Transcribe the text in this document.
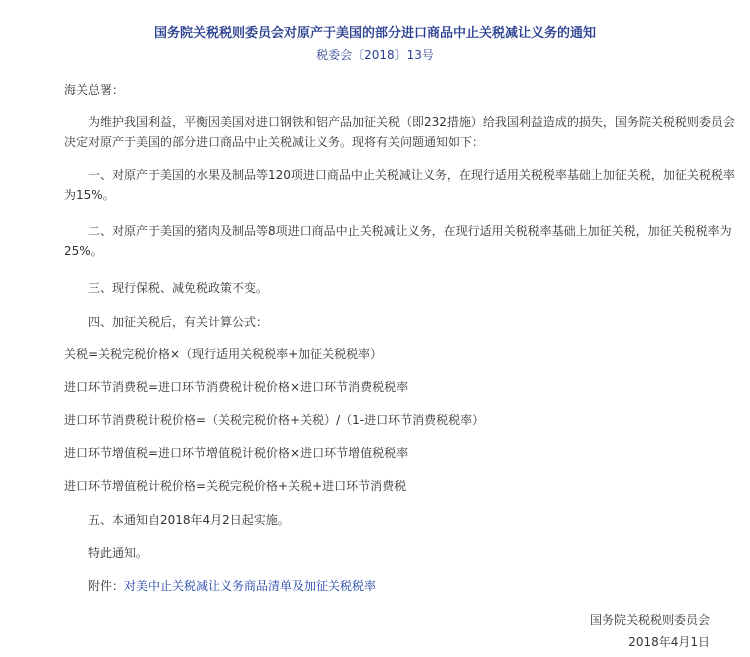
国务院关税税则委员会对原产于美国的部分进口商品中止关税减让义务的通知
税委会〔2018〕13号
海关总署：
为维护我国利益，平衡因美国对进口钢铁和铝产品加征关税（即232措施）给我国利益造成的损失，国务院关税税则委员会
决定对原产于美国的部分进口商品中止关税减让义务。现将有关问题通知如下：
一、对原产于美国的水果及制品等120项进口商品中止关税减让义务，在现行适用关税税率基础上加征关税，加征关税税率
为15%。
二、对原产于美国的猪肉及制品等8项进口商品中止关税减让义务，在现行适用关税税率基础上加征关税，加征关税税率为
25%。
三、现行保税、减免税政策不变。
四、加征关税后，有关计算公式：
关税=关税完税价格×（现行适用关税税率+加征关税税率）
进口环节消费税=进口环节消费税计税价格×进口环节消费税税率
进口环节消费税计税价格=（关税完税价格+关税）/（1-进口环节消费税税率）
进口环节增值税=进口环节增值税计税价格×进口环节增值税税率
进口环节增值税计税价格=关税完税价格+关税+进口环节消费税
五、本通知自2018年4月2日起实施。
特此通知。
附件：对美中止关税减让义务商品清单及加征关税税率
国务院关税税则委员会
2018年4月1日
